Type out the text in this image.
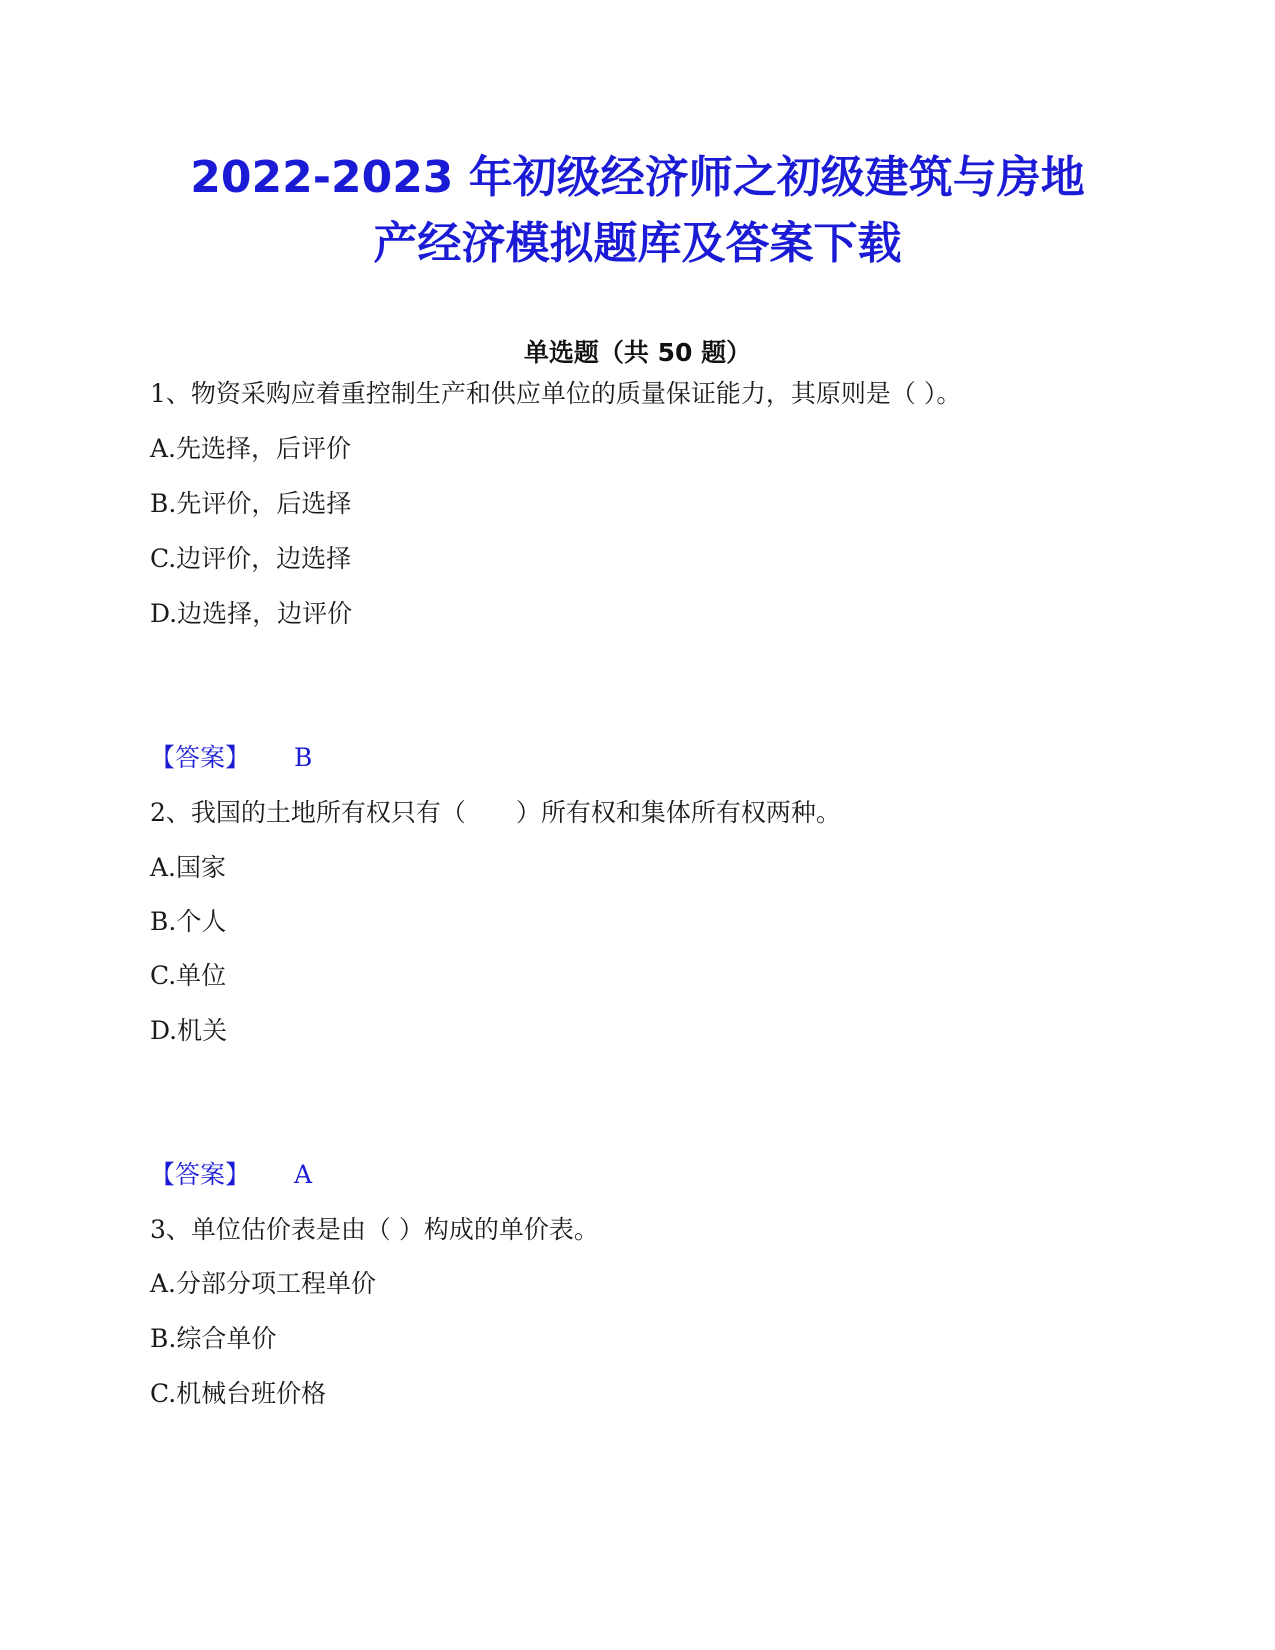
2022-2023 年初级经济师之初级建筑与房地
产经济模拟题库及答案下载
单选题（共 50 题）
1、物资采购应着重控制生产和供应单位的质量保证能力，其原则是（ ）。
A.先选择，后评价
B.先评价，后选择
C.边评价，边选择
D.边选择，边评价
【答案】 B
2、我国的土地所有权只有（　　）所有权和集体所有权两种。
A.国家
B.个人
C.单位
D.机关
【答案】 A
3、单位估价表是由（ ）构成的单价表。
A.分部分项工程单价
B.综合单价
C.机械台班价格
